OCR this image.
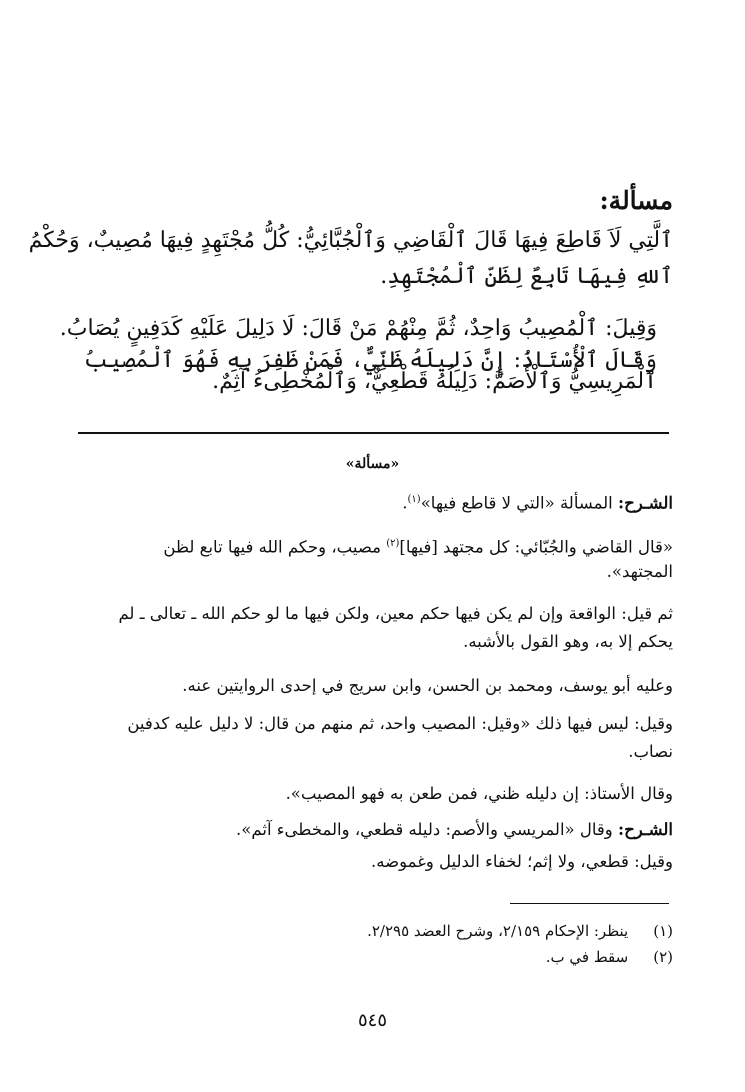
مسألة:
ٱلَّتِي لَاَ قَاطِعَ فِيهَا قَالَ ٱلْقَاضِي وَٱلْجُبَّائِيُّ: كُلُّ مُجْتَهِدٍ فِيهَا مُصِيبٌ، وَحُكْمُ
ٱللهِ فِيهَا تَابِعٌ لِظَنِّ ٱلْمُجْتَهِدِ.
وَقِيلَ: ٱلْمُصِيبُ وَاحِدٌ، ثُمَّ مِنْهُمْ مَنْ قَالَ: لَا دَلِيلَ عَلَيْهِ كَدَفِينٍ يُصَابُ.
وَقَالَ ٱلْأُسْتَاذُ: إِنَّ دَلِيلَهُ ظَنِّيٌّ، فَمَنْ ظَفِرَ بِهِ فَهُوَ ٱلْمُصِيبُ
ٱلْمَرِيسِيُّ وَٱلْأَصَمُّ: دَلِيلُهُ قَطْعِيٌّ، وَٱلْمُخْطِىءُ آثِمٌ.
«مسألة»
الشـرح: المسألة «التي لا قاطع فيها»$^{(١)}$.
«قال القاضي والجُبّائي: كل مجتهد [فيها]$^{(٢)}$ مصيب، وحكم الله فيها تابع لظن
المجتهد».
ثم قيل: الواقعة وإن لم يكن فيها حكم معين، ولكن فيها ما لو حكم الله ـ تعالى ـ لم
يحكم إلا به، وهو القول بالأشبه.
وعليه أبو يوسف، ومحمد بن الحسن، وابن سريج في إحدى الروايتين عنه.
وقيل: ليس فيها ذلك «وقيل: المصيب واحد، ثم منهم من قال: لا دليل عليه كدفين
نصاب.
وقال الأستاذ: إن دليله ظني، فمن طعن به فهو المصيب».
الشـرح: وقال «المريسي والأصم: دليله قطعي، والمخطىء آثم».
وقيل: قطعي، ولا إثم؛ لخفاء الدليل وغموضه.
(١) ينظر: الإحكام ٢/١٥٩، وشرح العضد ٢/٢٩٥.
(٢) سقط في ب.
٥٤٥
